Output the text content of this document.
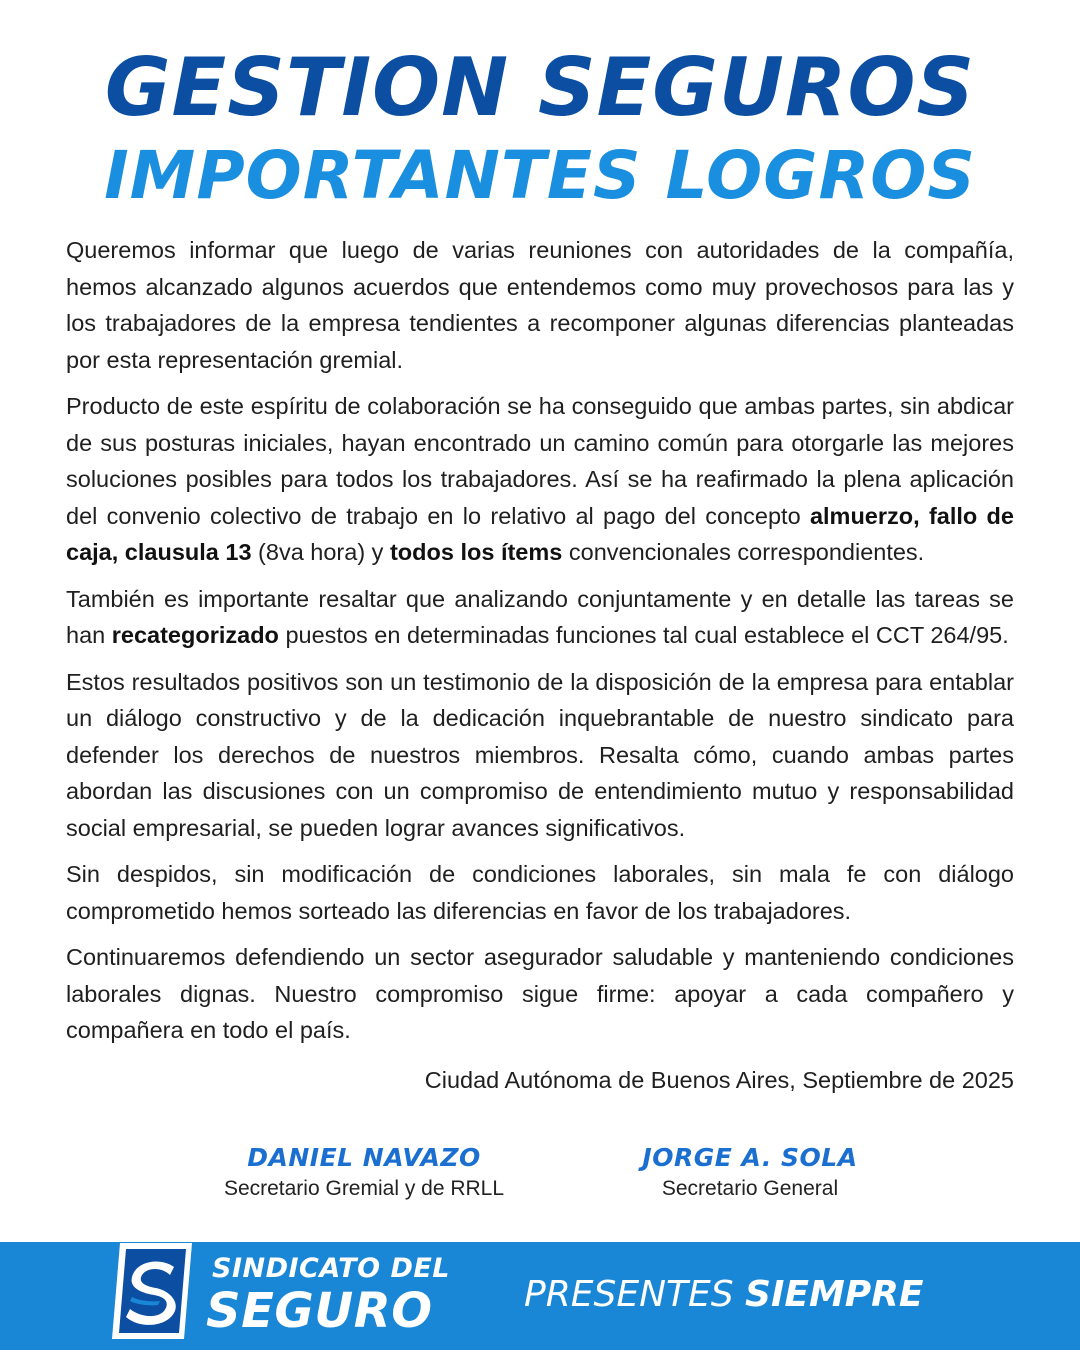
GESTION SEGUROS
IMPORTANTES LOGROS

Queremos informar que luego de varias reuniones con autoridades de la compañía, hemos alcanzado algunos acuerdos que entendemos como muy provechosos para las y los trabajadores de la empresa tendientes a recomponer algunas diferencias planteadas por esta representación gremial.

Producto de este espíritu de colaboración se ha conseguido que ambas partes, sin abdicar de sus posturas iniciales, hayan encontrado un camino común para otorgarle las mejores soluciones posibles para todos los trabajadores. Así se ha reafirmado la plena aplicación del convenio colectivo de trabajo en lo relativo al pago del concepto almuerzo, fallo de caja, clausula 13 (8va hora) y todos los ítems convencionales correspondientes.

También es importante resaltar que analizando conjuntamente y en detalle las tareas se han recategorizado puestos en determinadas funciones tal cual establece el CCT 264/95.

Estos resultados positivos son un testimonio de la disposición de la empresa para entablar un diálogo constructivo y de la dedicación inquebrantable de nuestro sindicato para defender los derechos de nuestros miembros. Resalta cómo, cuando ambas partes abordan las discusiones con un compromiso de entendimiento mutuo y responsabilidad social empresarial, se pueden lograr avances significativos.

Sin despidos, sin modificación de condiciones laborales, sin mala fe con diálogo comprometido hemos sorteado las diferencias en favor de los trabajadores.

Continuaremos defendiendo un sector asegurador saludable y manteniendo condiciones laborales dignas. Nuestro compromiso sigue firme: apoyar a cada compañero y compañera en todo el país.

Ciudad Autónoma de Buenos Aires, Septiembre de 2025
DANIEL NAVAZO
Secretario Gremial y de RRLL
JORGE A. SOLA
Secretario General
SINDICATO DEL
SEGURO	PRESENTES SIEMPRE
